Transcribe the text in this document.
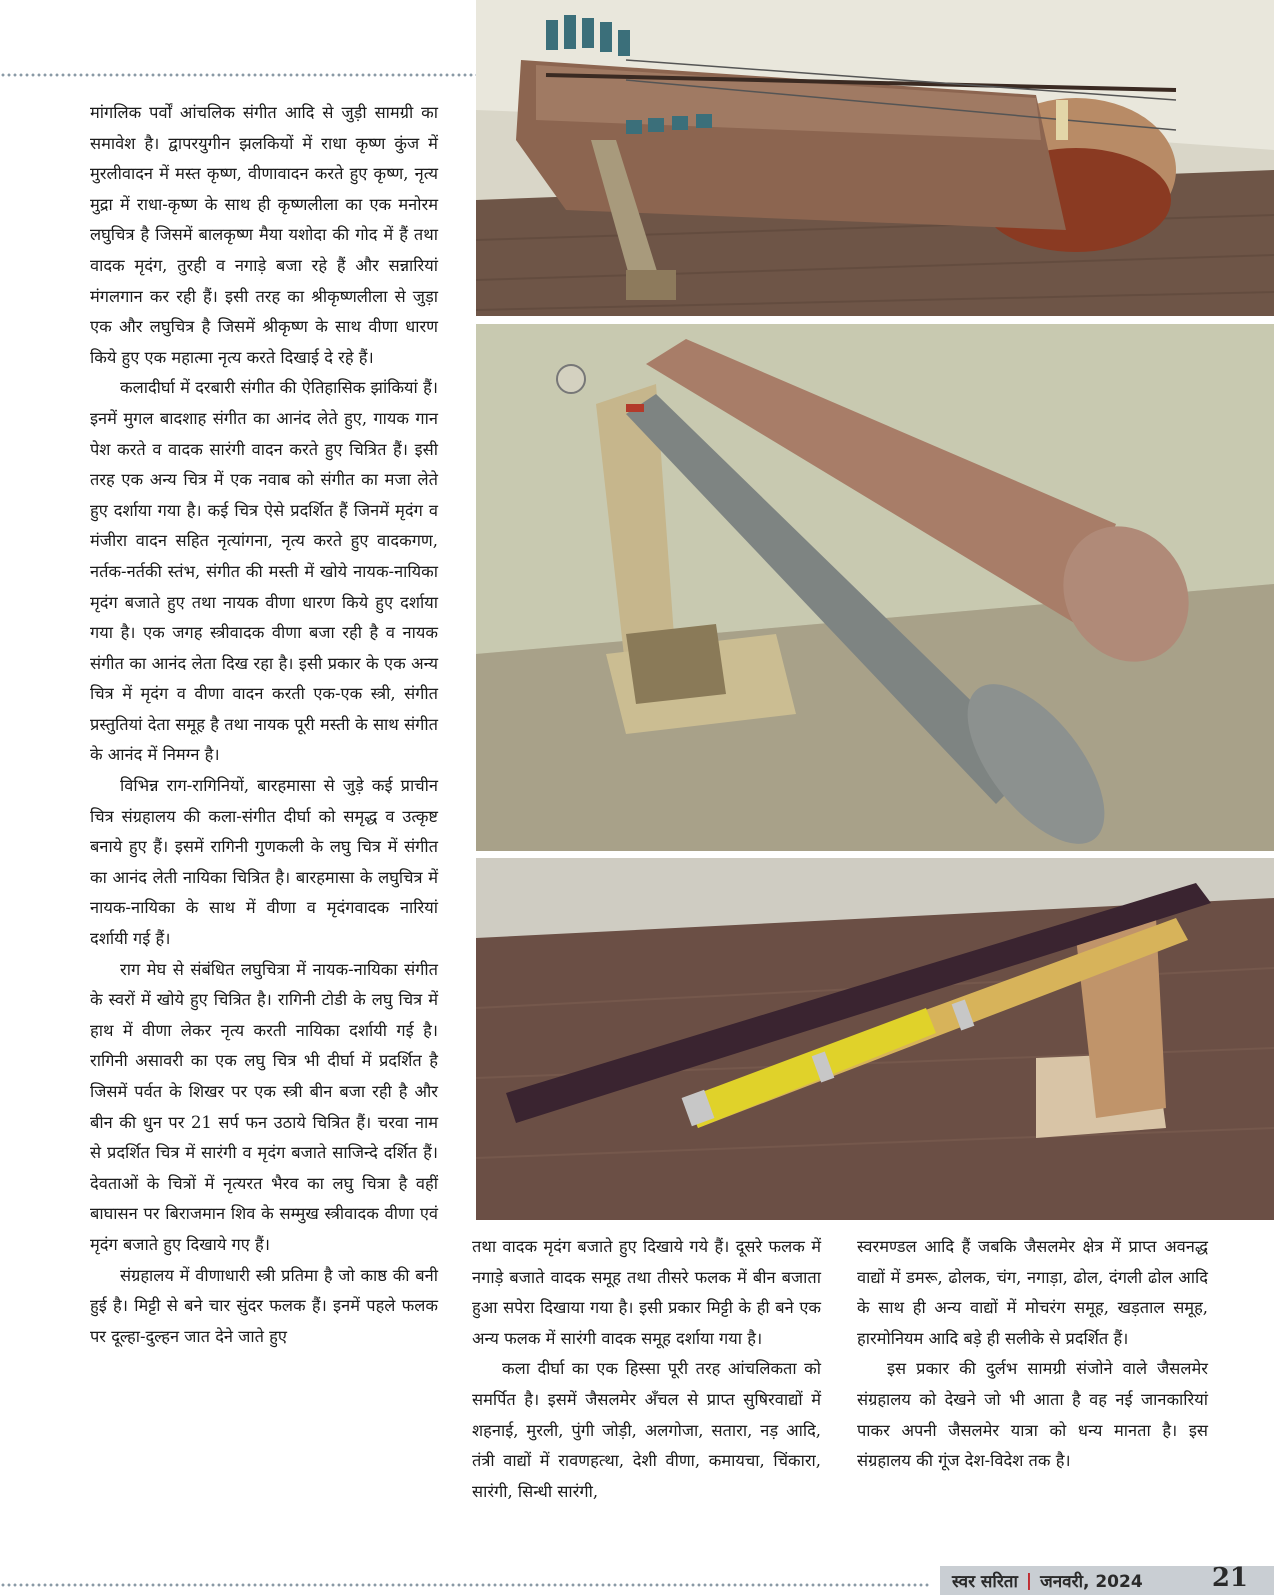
मांगलिक पर्वों आंचलिक संगीत आदि से जुड़ी सामग्री का समावेश है। द्वापरयुगीन झलकियों में राधा कृष्ण कुंज में मुरलीवादन में मस्त कृष्ण, वीणावादन करते हुए कृष्ण, नृत्य मुद्रा में राधा-कृष्ण के साथ ही कृष्णलीला का एक मनोरम लघुचित्र है जिसमें बालकृष्ण मैया यशोदा की गोद में हैं तथा वादक मृदंग, तुरही व नगाड़े बजा रहे हैं और सन्नारियां मंगलगान कर रही हैं। इसी तरह का श्रीकृष्णलीला से जुड़ा एक और लघुचित्र है जिसमें श्रीकृष्ण के साथ वीणा धारण किये हुए एक महात्मा नृत्य करते दिखाई दे रहे हैं।

कलादीर्घा में दरबारी संगीत की ऐतिहासिक झांकियां हैं। इनमें मुगल बादशाह संगीत का आनंद लेते हुए, गायक गान पेश करते व वादक सारंगी वादन करते हुए चित्रित हैं। इसी तरह एक अन्य चित्र में एक नवाब को संगीत का मजा लेते हुए दर्शाया गया है। कई चित्र ऐसे प्रदर्शित हैं जिनमें मृदंग व मंजीरा वादन सहित नृत्यांगना, नृत्य करते हुए वादकगण, नर्तक-नर्तकी स्तंभ, संगीत की मस्ती में खोये नायक-नायिका मृदंग बजाते हुए तथा नायक वीणा धारण किये हुए दर्शाया गया है। एक जगह स्त्रीवादक वीणा बजा रही है व नायक संगीत का आनंद लेता दिख रहा है। इसी प्रकार के एक अन्य चित्र में मृदंग व वीणा वादन करती एक-एक स्त्री, संगीत प्रस्तुतियां देता समूह है तथा नायक पूरी मस्ती के साथ संगीत के आनंद में निमग्न है।

विभिन्न राग-रागिनियों, बारहमासा से जुड़े कई प्राचीन चित्र संग्रहालय की कला-संगीत दीर्घा को समृद्ध व उत्कृष्ट बनाये हुए हैं। इसमें रागिनी गुणकली के लघु चित्र में संगीत का आनंद लेती नायिका चित्रित है। बारहमासा के लघुचित्र में नायक-नायिका के साथ में वीणा व मृदंगवादक नारियां दर्शायी गई हैं।

राग मेघ से संबंधित लघुचित्रा में नायक-नायिका संगीत के स्वरों में खोये हुए चित्रित है। रागिनी टोडी के लघु चित्र में हाथ में वीणा लेकर नृत्य करती नायिका दर्शायी गई है। रागिनी असावरी का एक लघु चित्र भी दीर्घा में प्रदर्शित है जिसमें पर्वत के शिखर पर एक स्त्री बीन बजा रही है और बीन की धुन पर 21 सर्प फन उठाये चित्रित हैं। चरवा नाम से प्रदर्शित चित्र में सारंगी व मृदंग बजाते साजिन्दे दर्शित हैं। देवताओं के चित्रों में नृत्यरत भैरव का लघु चित्रा है वहीं बाघासन पर बिराजमान शिव के सम्मुख स्त्रीवादक वीणा एवं मृदंग बजाते हुए दिखाये गए हैं।

संग्रहालय में वीणाधारी स्त्री प्रतिमा है जो काष्ठ की बनी हुई है। मिट्टी से बने चार सुंदर फलक हैं। इनमें पहले फलक पर दूल्हा-दुल्हन जात देने जाते हुए

तथा वादक मृदंग बजाते हुए दिखाये गये हैं। दूसरे फलक में नगाड़े बजाते वादक समूह तथा तीसरे फलक में बीन बजाता हुआ सपेरा दिखाया गया है। इसी प्रकार मिट्टी के ही बने एक अन्य फलक में सारंगी वादक समूह दर्शाया गया है।

कला दीर्घा का एक हिस्सा पूरी तरह आंचलिकता को समर्पित है। इसमें जैसलमेर अँचल से प्राप्त सुषिरवाद्यों में शहनाई, मुरली, पुंगी जोड़ी, अलगोजा, सतारा, नड़ आदि, तंत्री वाद्यों में रावणहत्था, देशी वीणा, कमायचा, चिंकारा, सारंगी, सिन्धी सारंगी,

स्वरमण्डल आदि हैं जबकि जैसलमेर क्षेत्र में प्राप्त अवनद्ध वाद्यों में डमरू, ढोलक, चंग, नगाड़ा, ढोल, दंगली ढोल आदि के साथ ही अन्य वाद्यों में मोचरंग समूह, खड़ताल समूह, हारमोनियम आदि बड़े ही सलीके से प्रदर्शित हैं।

इस प्रकार की दुर्लभ सामग्री संजोने वाले जैसलमेर संग्रहालय को देखने जो भी आता है वह नई जानकारियां पाकर अपनी जैसलमेर यात्रा को धन्य मानता है। इस संग्रहालय की गूंज देश-विदेश तक है।

स्वर सरिता | जनवरी, 2024	21
